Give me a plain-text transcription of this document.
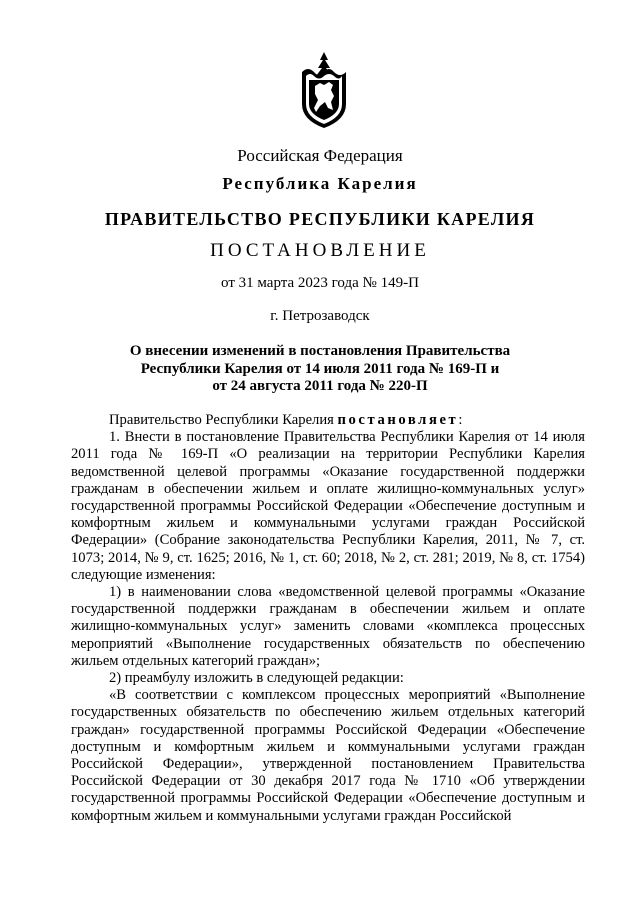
Российская Федерация
Республика Карелия
ПРАВИТЕЛЬСТВО РЕСПУБЛИКИ КАРЕЛИЯ
ПОСТАНОВЛЕНИЕ
от 31 марта 2023 года № 149-П
г. Петрозаводск
О внесении изменений в постановления Правительства
Республики Карелия от 14 июля 2011 года № 169-П и
от 24 августа 2011 года № 220-П

Правительство Республики Карелия постановляет:

1. Внести в постановление Правительства Республики Карелия от 14 июля 2011 года № 169-П «О реализации на территории Республики Карелия ведомственной целевой программы «Оказание государственной поддержки гражданам в обеспечении жильем и оплате жилищно-коммунальных услуг» государственной программы Российской Федерации «Обеспечение доступным и комфортным жильем и коммунальными услугами граждан Российской Федерации» (Собрание законодательства Республики Карелия, 2011, № 7, ст. 1073; 2014, № 9, ст. 1625; 2016, № 1, ст. 60; 2018, № 2, ст. 281; 2019, № 8, ст. 1754) следующие изменения:

1) в наименовании слова «ведомственной целевой программы «Оказание государственной поддержки гражданам в обеспечении жильем и оплате жилищно-коммунальных услуг» заменить словами «комплекса процессных мероприятий «Выполнение государственных обязательств по обеспечению жильем отдельных категорий граждан»;

2) преамбулу изложить в следующей редакции:

«В соответствии с комплексом процессных мероприятий «Выполнение государственных обязательств по обеспечению жильем отдельных категорий граждан» государственной программы Российской Федерации «Обеспечение доступным и комфортным жильем и коммунальными услугами граждан Российской Федерации», утвержденной постановлением Правительства Российской Федерации от 30 декабря 2017 года № 1710 «Об утверждении государственной программы Российской Федерации «Обеспечение доступным и комфортным жильем и коммунальными услугами граждан Российской
